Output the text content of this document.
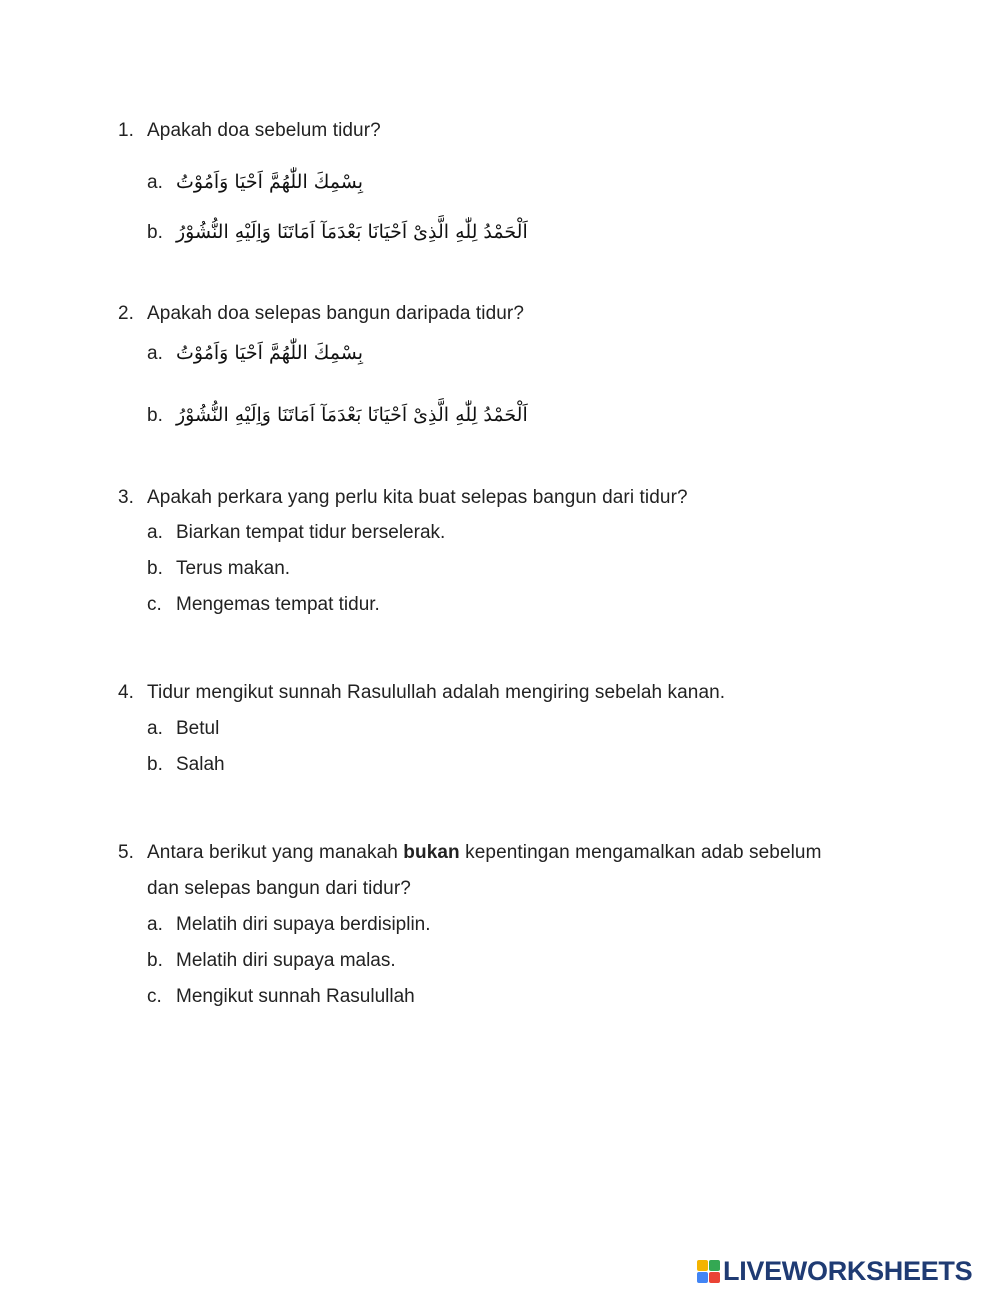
1. Apakah doa sebelum tidur?
a. بِسْمِكَ اللّٰهُمَّ اَحْيَا وَاَمُوْتُ
b. اَلْحَمْدُ لِلّٰهِ الَّذِىْ اَحْيَانَا بَعْدَمَآ اَمَاتَنَا وَاِلَيْهِ النُّشُوْرُ
2. Apakah doa selepas bangun daripada tidur?
a. بِسْمِكَ اللّٰهُمَّ اَحْيَا وَاَمُوْتُ
b. اَلْحَمْدُ لِلّٰهِ الَّذِىْ اَحْيَانَا بَعْدَمَآ اَمَاتَنَا وَاِلَيْهِ النُّشُوْرُ
3. Apakah perkara yang perlu kita buat selepas bangun dari tidur?
a. Biarkan tempat tidur berselerak.
b. Terus makan.
c. Mengemas tempat tidur.
4. Tidur mengikut sunnah Rasulullah adalah mengiring sebelah kanan.
a. Betul
b. Salah
5. Antara berikut yang manakah bukan kepentingan mengamalkan adab sebelum dan selepas bangun dari tidur?
a. Melatih diri supaya berdisiplin.
b. Melatih diri supaya malas.
c. Mengikut sunnah Rasulullah
LIVEWORKSHEETS
